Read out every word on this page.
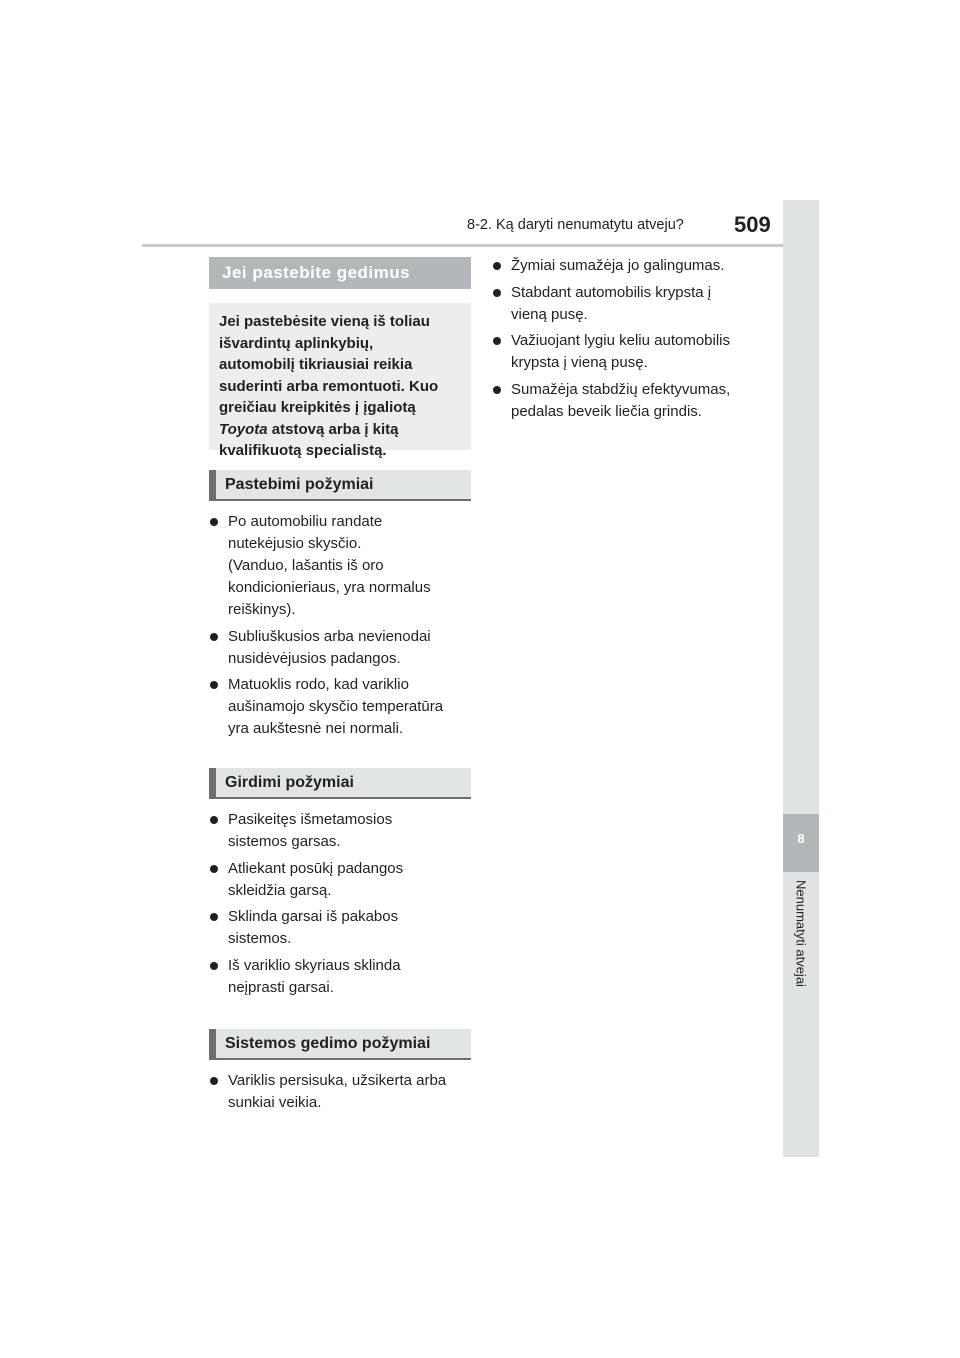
8-2. Ką daryti nenumatytu atveju? 509
8
Nenumatyti atvejai
Jei pastebite gedimus
Jei pastebėsite vieną iš toliau
išvardintų aplinkybių,
automobilį tikriausiai reikia
suderinti arba remontuoti. Kuo
greičiau kreipkitės į įgaliotą
Toyota atstovą arba į kitą
kvalifikuotą specialistą.
Pastebimi požymiai
Po automobiliu randate
nutekėjusio skysčio.
(Vanduo, lašantis iš oro
kondicionieriaus, yra normalus
reiškinys).
Subliuškusios arba nevienodai
nusidėvėjusios padangos.
Matuoklis rodo, kad variklio
aušinamojo skysčio temperatūra
yra aukštesnė nei normali.
Girdimi požymiai
Pasikeitęs išmetamosios
sistemos garsas.
Atliekant posūkį padangos
skleidžia garsą.
Sklinda garsai iš pakabos
sistemos.
Iš variklio skyriaus sklinda
neįprasti garsai.
Sistemos gedimo požymiai
Variklis persisuka, užsikerta arba
sunkiai veikia.
Žymiai sumažėja jo galingumas.
Stabdant automobilis krypsta į
vieną pusę.
Važiuojant lygiu keliu automobilis
krypsta į vieną pusę.
Sumažėja stabdžių efektyvumas,
pedalas beveik liečia grindis.
